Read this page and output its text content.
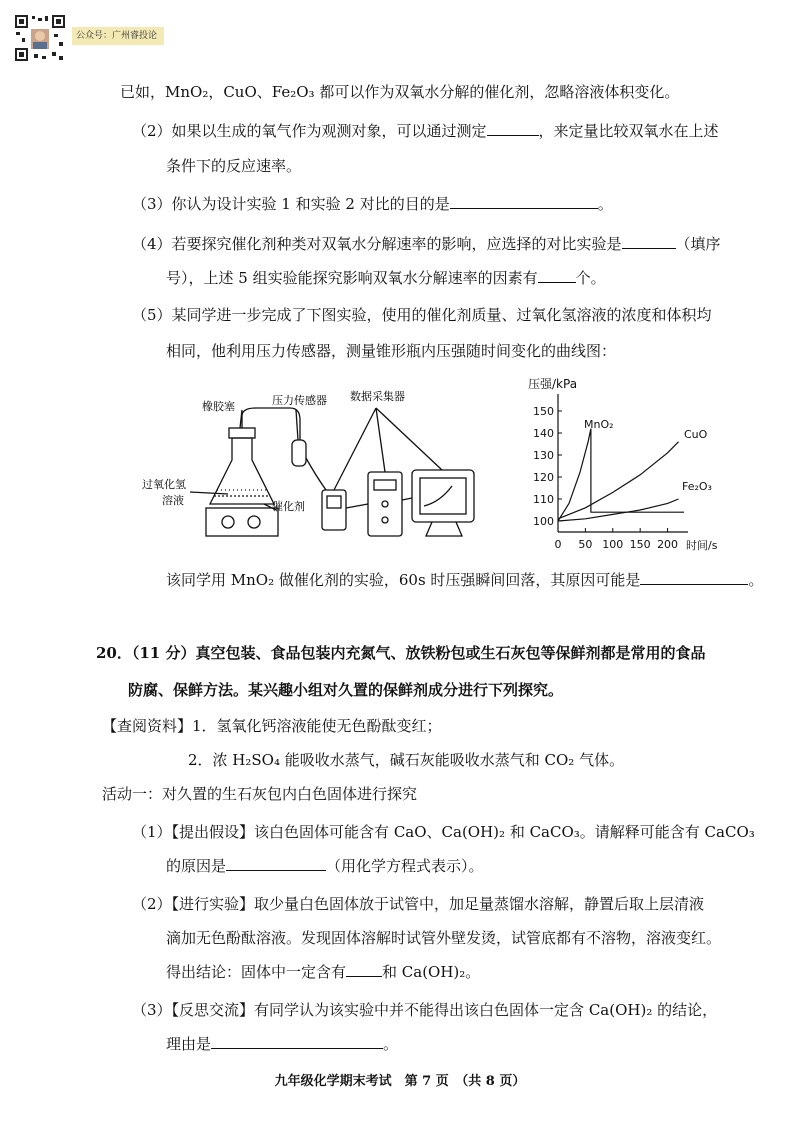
公众号：广州睿投论
已如，MnO₂，CuO、Fe₂O₃ 都可以作为双氧水分解的催化剂，忽略溶液体积变化。
（2）如果以生成的氧气作为观测对象，可以通过测定	，来定量比较双氧水在上述
条件下的反应速率。
（3）你认为设计实验 1 和实验 2 对比的目的是	。
（4）若要探究催化剂种类对双氧水分解速率的影响，应选择的对比实验是	（填序
号），上述 5 组实验能探究影响双氧水分解速率的因素有	个。
（5）某同学进一步完成了下图实验，使用的催化剂质量、过氧化氢溶液的浓度和体积均
相同，他利用压力传感器，测量锥形瓶内压强随时间变化的曲线图：
橡胶塞	压力传感器 数据采集器
过氧化氢
溶液	催化剂
100
110
120
130
140
150
0 50 100 150 200
压强/kPa
时间/s
MnO₂
CuO
Fe₂O₃
该同学用 MnO₂ 做催化剂的实验，60s 时压强瞬间回落，其原因可能是	。
20．（11 分）真空包装、食品包装内充氮气、放铁粉包或生石灰包等保鲜剂都是常用的食品
防腐、保鲜方法。某兴趣小组对久置的保鲜剂成分进行下列探究。
【查阅资料】1．氢氧化钙溶液能使无色酚酞变红；
2．浓 H₂SO₄ 能吸收水蒸气，碱石灰能吸收水蒸气和 CO₂ 气体。
活动一：对久置的生石灰包内白色固体进行探究
（1）【提出假设】该白色固体可能含有 CaO、Ca(OH)₂ 和 CaCO₃。请解释可能含有 CaCO₃
的原因是	（用化学方程式表示）。
（2）【进行实验】取少量白色固体放于试管中，加足量蒸馏水溶解，静置后取上层清液
滴加无色酚酞溶液。发现固体溶解时试管外壁发烫，试管底都有不溶物，溶液变红。
得出结论：固体中一定含有 和 Ca(OH)₂。
（3）【反思交流】有同学认为该实验中并不能得出该白色固体一定含 Ca(OH)₂ 的结论，
理由是	。
九年级化学期末考试　第 7 页　（共 8 页）
